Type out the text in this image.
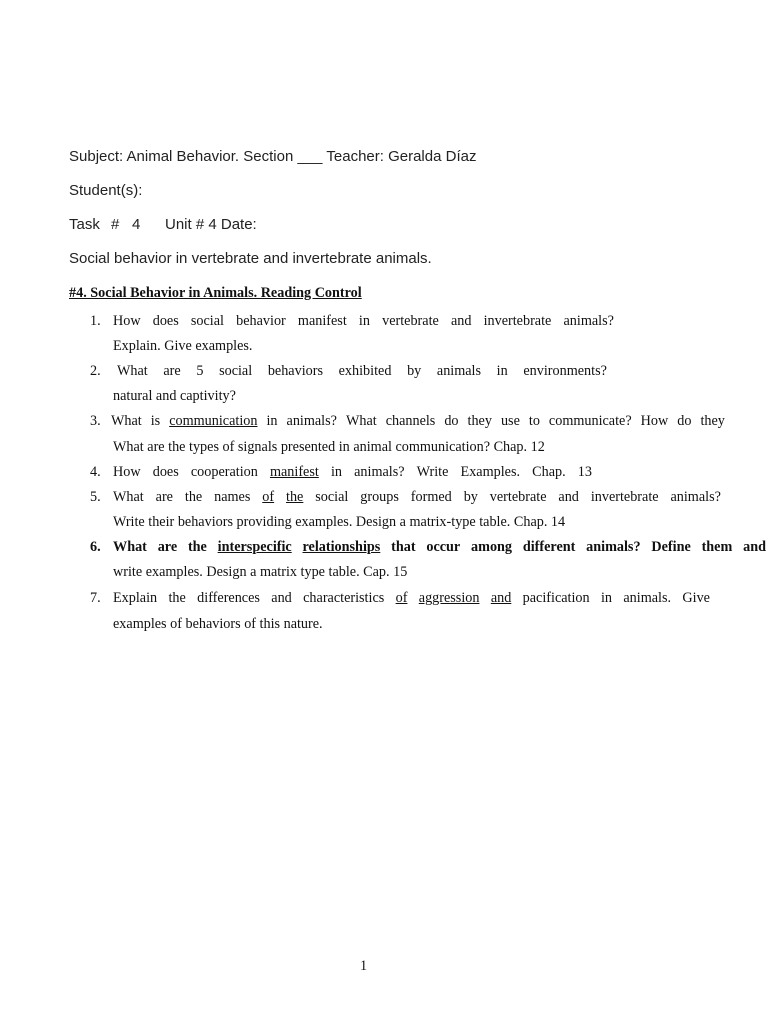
Subject: Animal Behavior. Section ___ Teacher: Geralda Díaz
Student(s):
Task # 4 Unit # 4 Date:
Social behavior in vertebrate and invertebrate animals.
#4. Social Behavior in Animals. Reading Control
1. How does social behavior manifest in vertebrate and invertebrate animals?
Explain. Give examples.
2. What are 5 social behaviors exhibited by animals in environments?
natural and captivity?
3. What is communication in animals? What channels do they use to communicate? How do they
What are the types of signals presented in animal communication? Chap. 12
4. How does cooperation manifest in animals? Write Examples. Chap. 13
5. What are the names of the social groups formed by vertebrate and invertebrate animals?
Write their behaviors providing examples. Design a matrix-type table. Chap. 14
6. What are the interspecific relationships that occur among different animals? Define them and
write examples. Design a matrix type table. Cap. 15
7. Explain the differences and characteristics of aggression and pacification in animals. Give
examples of behaviors of this nature.
1
